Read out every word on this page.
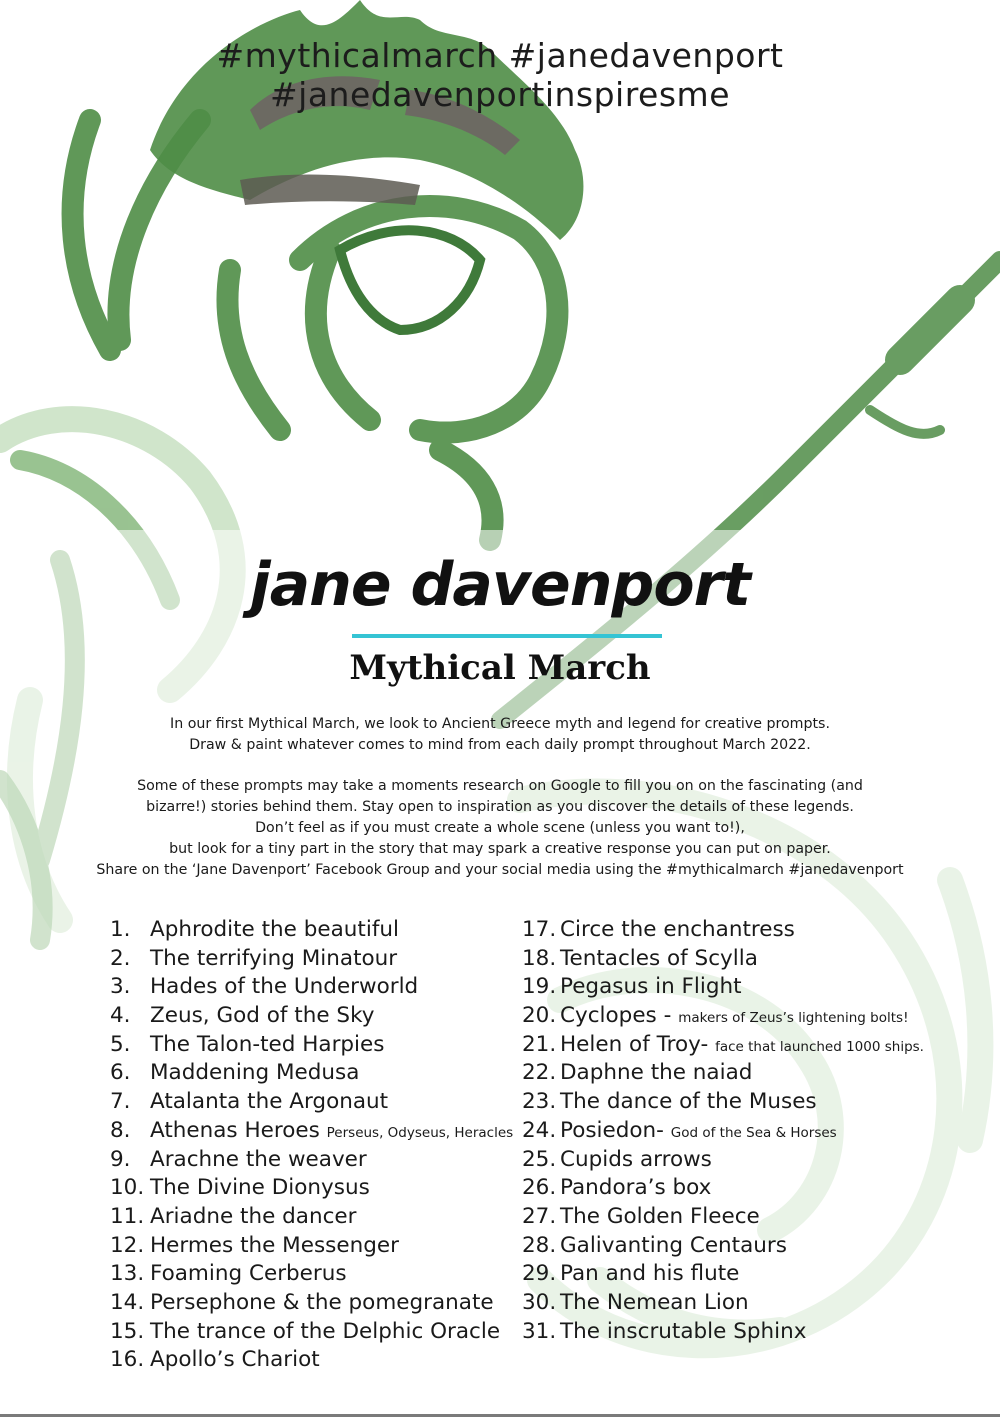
#mythicalmarch #janedavenport #janedavenportinspiresme
jane davenport
Mythical March

In our first Mythical March, we look to Ancient Greece myth and legend for creative prompts.

Draw & paint whatever comes to mind from each daily prompt throughout March 2022.

Some of these prompts may take a moments research on Google to fill you on on the fascinating (and

bizarre!) stories behind them. Stay open to inspiration as you discover the details of these legends.

Don’t feel as if you must create a whole scene (unless you want to!),

but look for a tiny part in the story that may spark a creative response you can put on paper.

Share on the ‘Jane Davenport’ Facebook Group and your social media using the #mythicalmarch #janedavenport

1. Aphrodite the beautiful
2. The terrifying Minatour
3. Hades of the Underworld
4. Zeus, God of the Sky
5. The Talon-ted Harpies
6. Maddening Medusa
7. Atalanta the Argonaut
8. Athenas Heroes Perseus, Odyseus, Heracles
9. Arachne the weaver
10. The Divine Dionysus
11. Ariadne the dancer
12. Hermes the Messenger
13. Foaming Cerberus
14. Persephone & the pomegranate
15. The trance of the Delphic Oracle
16. Apollo’s Chariot
17. Circe the enchantress
18. Tentacles of Scylla
19. Pegasus in Flight
20. Cyclopes - makers of Zeus’s lightening bolts!
21. Helen of Troy- face that launched 1000 ships.
22. Daphne the naiad
23. The dance of the Muses
24. Posiedon- God of the Sea & Horses
25. Cupids arrows
26. Pandora’s box
27. The Golden Fleece
28. Galivanting Centaurs
29. Pan and his flute
30. The Nemean Lion
31. The inscrutable Sphinx
